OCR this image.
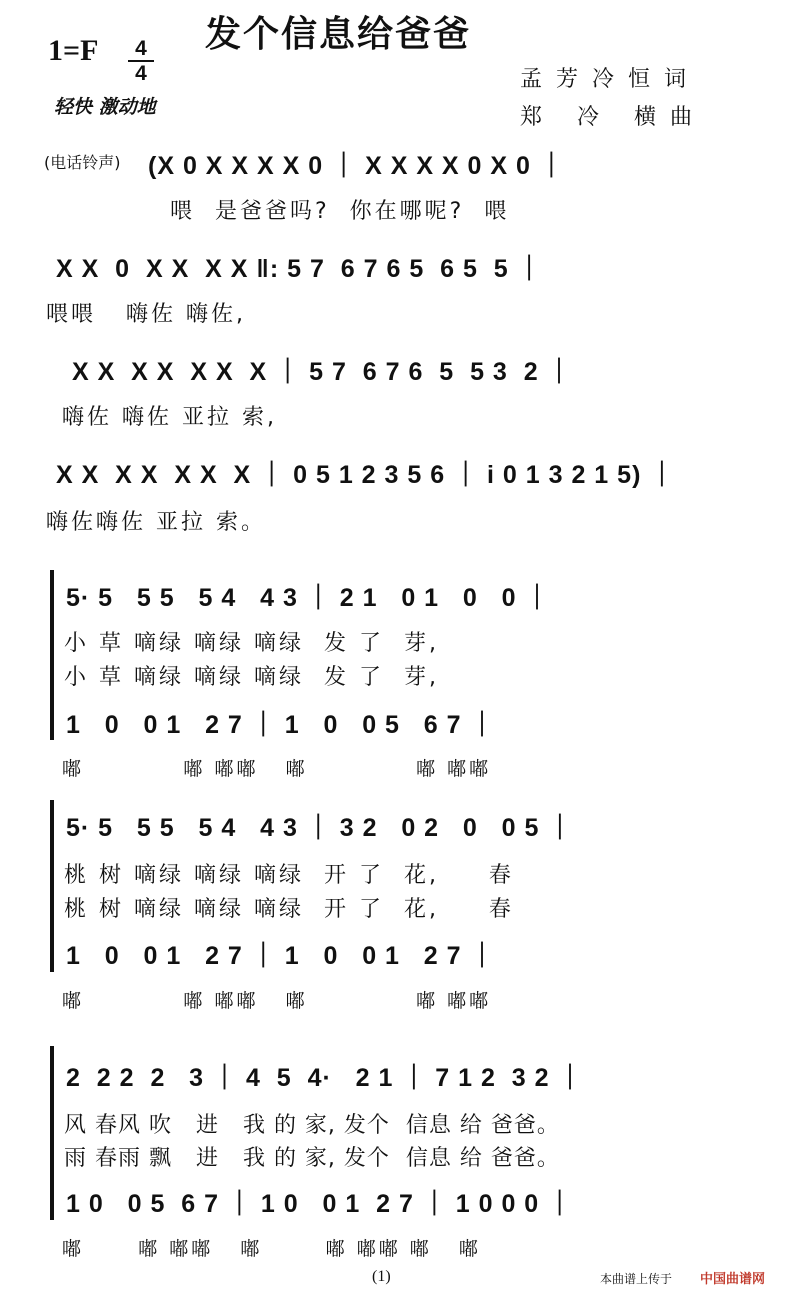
发个信息给爸爸
1=F	4
4
轻快 激动地
孟芳冷恒词
郑 冷 横曲
(电话铃声) (X 0 X X X X 0 ｜ X X X X 0 X 0 ｜
喂  是爸爸吗?  你在哪呢?  喂
X X  0  X X  X X ‖: 5 7  6 7 6 5  6 5  5 ｜
喂喂   嗨佐 嗨佐,
X X  X X  X X  X ｜ 5 7  6 7 6  5  5 3  2 ｜
嗨佐 嗨佐 亚拉 索,
X X  X X  X X  X ｜ 0 5 1 2 3 5 6 ｜ i 0 1 3 2 1 5) ｜
嗨佐嗨佐 亚拉 索。
5· 5   5 5   5 4   4 3 ｜ 2 1   0 1   0   0 ｜
小 草 嘀绿 嘀绿 嘀绿  发 了  芽,
小 草 嘀绿 嘀绿 嘀绿  发 了  芽,
1   0   0 1   2 7 ｜ 1   0   0 5   6 7 ｜
嘟           嘟 嘟嘟   嘟            嘟 嘟嘟
5· 5   5 5   5 4   4 3 ｜ 3 2   0 2   0   0 5 ｜
桃 树 嘀绿 嘀绿 嘀绿  开 了  花,     春
桃 树 嘀绿 嘀绿 嘀绿  开 了  花,     春
1   0   0 1   2 7 ｜ 1   0   0 1   2 7 ｜
嘟           嘟 嘟嘟   嘟            嘟 嘟嘟
2  2 2  2   3 ｜ 4  5  4·   2 1 ｜ 7 1 2  3 2 ｜
风 春风 吹   进   我 的 家, 发个  信息 给 爸爸。
雨 春雨 飘   进   我 的 家, 发个  信息 给 爸爸。
1 0   0 5  6 7 ｜ 1 0   0 1  2 7 ｜ 1 0 0 0 ｜
嘟      嘟 嘟嘟   嘟       嘟 嘟嘟 嘟   嘟
(1)	本曲谱上传于 中国曲谱网
